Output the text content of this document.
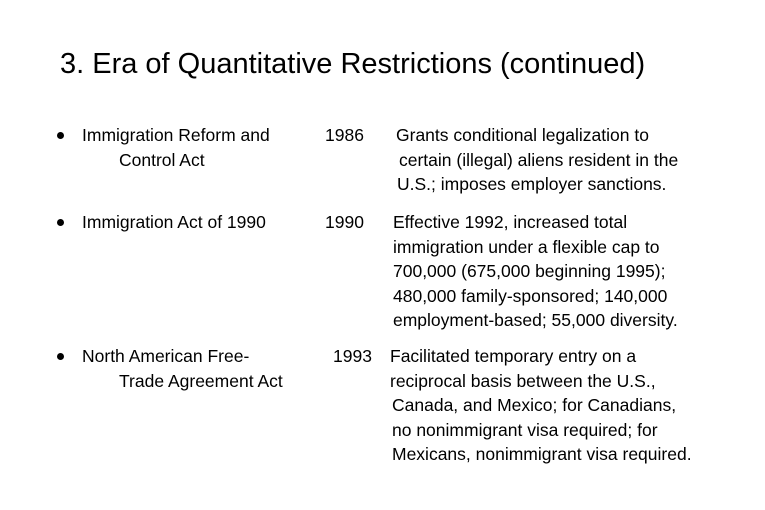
3. Era of Quantitative Restrictions (continued)
Immigration Reform and
Control Act
1986 Grants conditional legalization to
certain (illegal) aliens resident in the
U.S.; imposes employer sanctions.
Immigration Act of 1990	1990 Effective 1992, increased total
immigration under a flexible cap to
700,000 (675,000 beginning 1995);
480,000 family-sponsored; 140,000
employment-based; 55,000 diversity.
North American Free-
Trade Agreement Act
1993 Facilitated temporary entry on a
reciprocal basis between the U.S.,
Canada, and Mexico; for Canadians,
no nonimmigrant visa required; for
Mexicans, nonimmigrant visa required.
